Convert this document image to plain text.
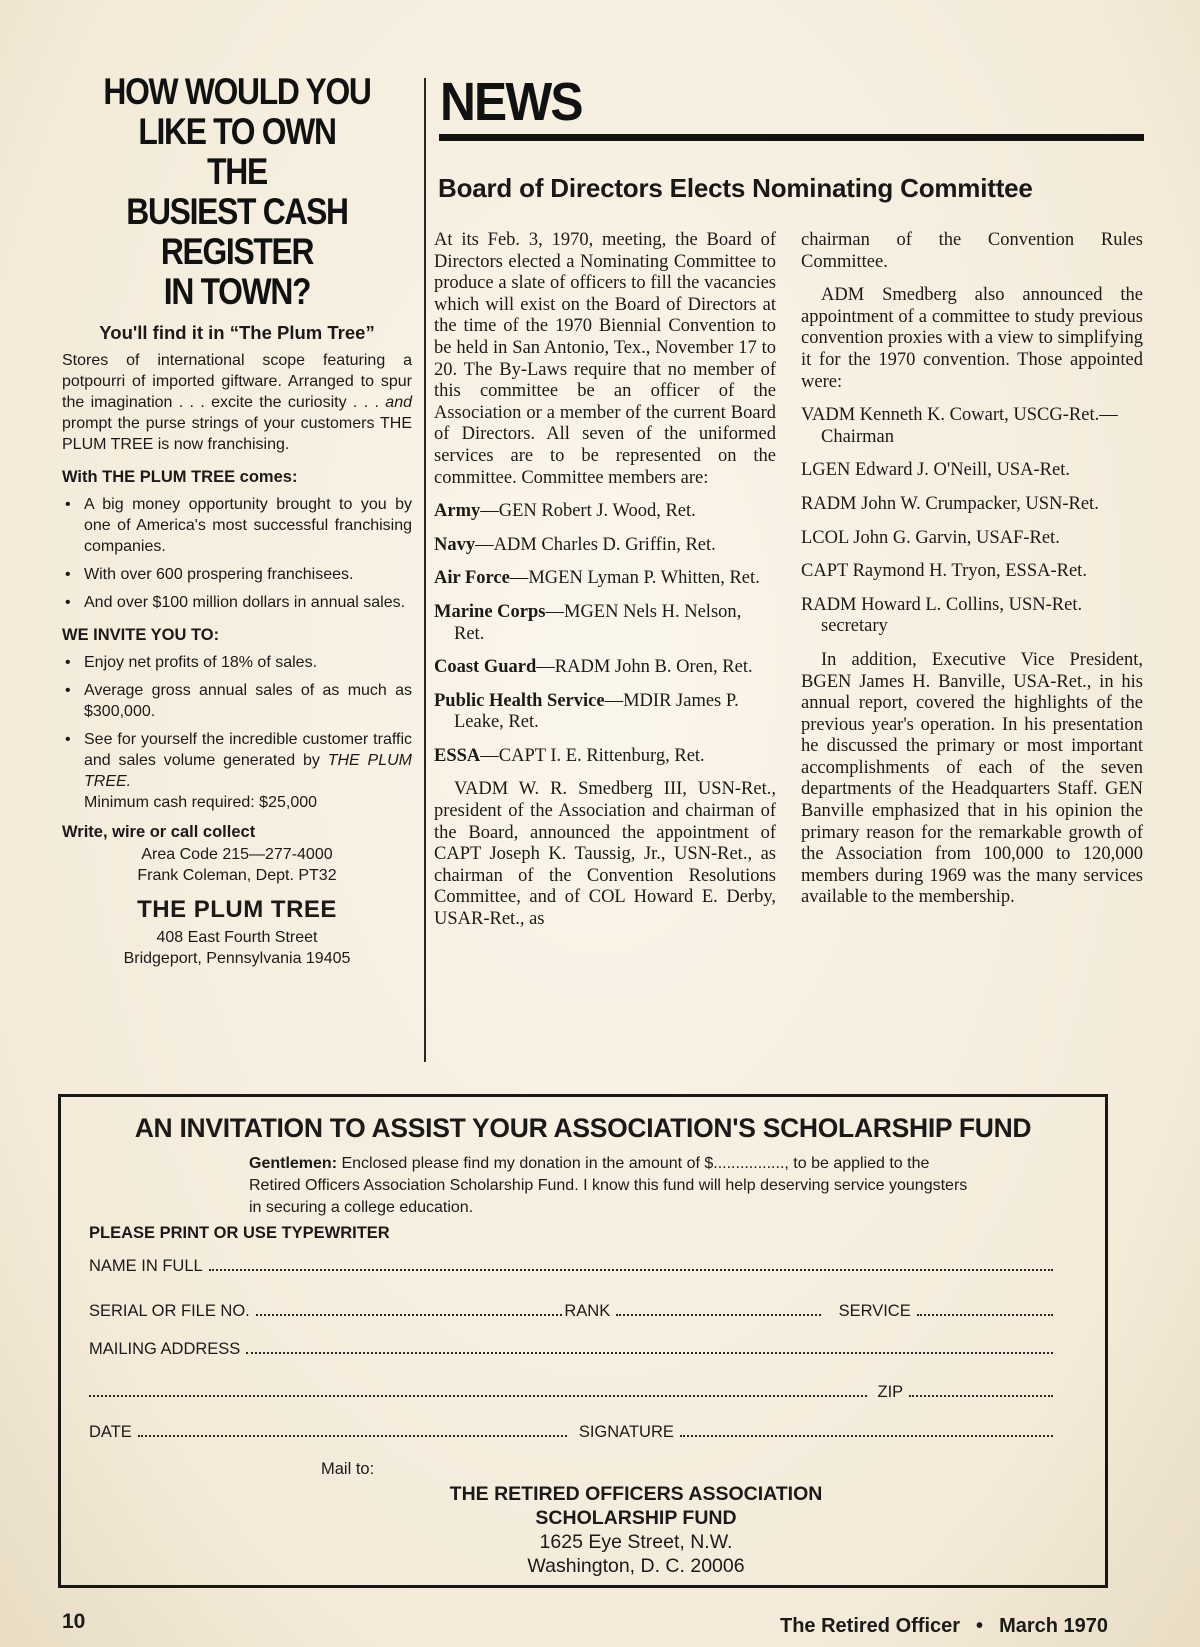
HOW WOULD YOU
LIKE TO OWN
THE
BUSIEST CASH
REGISTER
IN TOWN?

You'll find it in “The Plum Tree”

Stores of international scope featuring a potpourri of imported giftware. Arranged to spur the imagination . . . excite the curiosity . . . and prompt the purse strings of your customers THE PLUM TREE is now franchising.

With THE PLUM TREE comes:

• A big money opportunity brought to you by one of America's most successful franchising companies.
• With over 600 prospering franchisees.
• And over $100 million dollars in annual sales.

WE INVITE YOU TO:

• Enjoy net profits of 18% of sales.
• Average gross annual sales of as much as $300,000.
• See for yourself the incredible customer traffic and sales volume generated by THE PLUM TREE.
Minimum cash required: $25,000

Write, wire or call collect

Area Code 215—277-4000

Frank Coleman, Dept. PT32

THE PLUM TREE

408 East Fourth Street

Bridgeport, Pennsylvania 19405

NEWS
Board of Directors Elects Nominating Committee

At its Feb. 3, 1970, meeting, the Board of Directors elected a Nominating Committee to produce a slate of officers to fill the vacancies which will exist on the Board of Directors at the time of the 1970 Biennial Convention to be held in San Antonio, Tex., November 17 to 20. The By-Laws require that no member of this committee be an officer of the Association or a member of the current Board of Directors. All seven of the uniformed services are to be represented on the committee. Committee members are:

Army—GEN Robert J. Wood, Ret.

Navy—ADM Charles D. Griffin, Ret.

Air Force—MGEN Lyman P. Whitten, Ret.

Marine Corps—MGEN Nels H. Nelson, Ret.

Coast Guard—RADM John B. Oren, Ret.

Public Health Service—MDIR James P. Leake, Ret.

ESSA—CAPT I. E. Rittenburg, Ret.

VADM W. R. Smedberg III, USN-Ret., president of the Association and chairman of the Board, announced the appointment of CAPT Joseph K. Taussig, Jr., USN-Ret., as chairman of the Convention Resolutions Committee, and of COL Howard E. Derby, USAR-Ret., as

chairman of the Convention Rules Committee.

ADM Smedberg also announced the appointment of a committee to study previous convention proxies with a view to simplifying it for the 1970 convention. Those appointed were:

VADM Kenneth K. Cowart, USCG-Ret.—Chairman

LGEN Edward J. O'Neill, USA-Ret.

RADM John W. Crumpacker, USN-Ret.

LCOL John G. Garvin, USAF-Ret.

CAPT Raymond H. Tryon, ESSA-Ret.

RADM Howard L. Collins, USN-Ret. secretary

In addition, Executive Vice President, BGEN James H. Banville, USA-Ret., in his annual report, covered the highlights of the previous year's operation. In his presentation he discussed the primary or most important accomplishments of each of the seven departments of the Headquarters Staff. GEN Banville emphasized that in his opinion the primary reason for the remarkable growth of the Association from 100,000 to 120,000 members during 1969 was the many services available to the membership.

AN INVITATION TO ASSIST YOUR ASSOCIATION'S SCHOLARSHIP FUND

Gentlemen: Enclosed please find my donation in the amount of $................, to be applied to the Retired Officers Association Scholarship Fund. I know this fund will help deserving service youngsters in securing a college education.

PLEASE PRINT OR USE TYPEWRITER

NAME IN FULL
SERIAL OR FILE NO.	RANK	SERVICE
MAILING ADDRESS
ZIP
DATE	SIGNATURE

Mail to:

THE RETIRED OFFICERS ASSOCIATION
SCHOLARSHIP FUND
1625 Eye Street, N.W.
Washington, D. C. 20006

10	The Retired Officer • March 1970
